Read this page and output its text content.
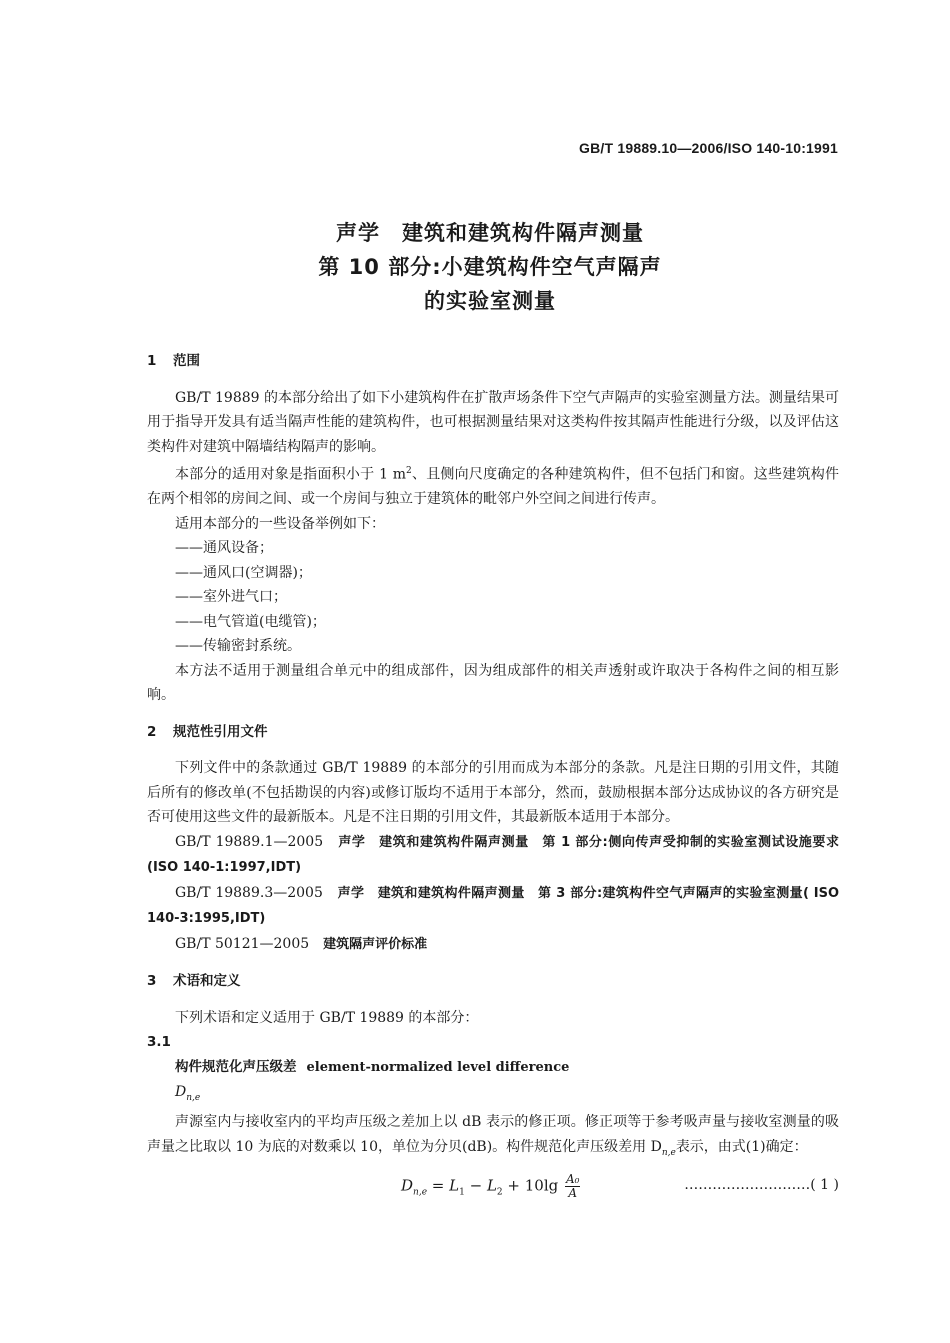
GB/T 19889.10—2006/ISO 140-10:1991
声学　建筑和建筑构件隔声测量
第 10 部分:小建筑构件空气声隔声
的实验室测量

1 范围

GB/T 19889 的本部分给出了如下小建筑构件在扩散声场条件下空气声隔声的实验室测量方法。测量结果可用于指导开发具有适当隔声性能的建筑构件，也可根据测量结果对这类构件按其隔声性能进行分级，以及评估这类构件对建筑中隔墙结构隔声的影响。

本部分的适用对象是指面积小于 1 $m^2$、且侧向尺度确定的各种建筑构件，但不包括门和窗。这些建筑构件在两个相邻的房间之间、或一个房间与独立于建筑体的毗邻户外空间之间进行传声。

适用本部分的一些设备举例如下：

——通风设备；

——通风口(空调器)；

——室外进气口；

——电气管道(电缆管)；

——传输密封系统。

本方法不适用于测量组合单元中的组成部件，因为组成部件的相关声透射或许取决于各构件之间的相互影响。

2 规范性引用文件

下列文件中的条款通过 GB/T 19889 的本部分的引用而成为本部分的条款。凡是注日期的引用文件，其随后所有的修改单(不包括勘误的内容)或修订版均不适用于本部分，然而，鼓励根据本部分达成协议的各方研究是否可使用这些文件的最新版本。凡是不注日期的引用文件，其最新版本适用于本部分。

GB/T 19889.1—2005　 声学　建筑和建筑构件隔声测量　第 1 部分:侧向传声受抑制的实验室测试设施要求(ISO 140-1:1997,IDT)

GB/T 19889.3—2005　 声学　建筑和建筑构件隔声测量　第 3 部分:建筑构件空气声隔声的实验室测量( ISO 140-3:1995,IDT)

GB/T 50121—2005　 建筑隔声评价标准

3 术语和定义

下列术语和定义适用于 GB/T 19889 的本部分：

3.1

构件规范化声压级差 element-normalized level difference

$D_{n,e}$

声源室内与接收室内的平均声压级之差加上以 dB 表示的修正项。修正项等于参考吸声量与接收室测量的吸声量之比取以 10 为底的对数乘以 10，单位为分贝(dB)。构件规范化声压级差用 $D_{n,e}$表示，由式(1)确定：

$D_{n,e} = L_1 - L_2 + 10\lg \frac{\text{A₀}}{A}$	………………………( 1 )
